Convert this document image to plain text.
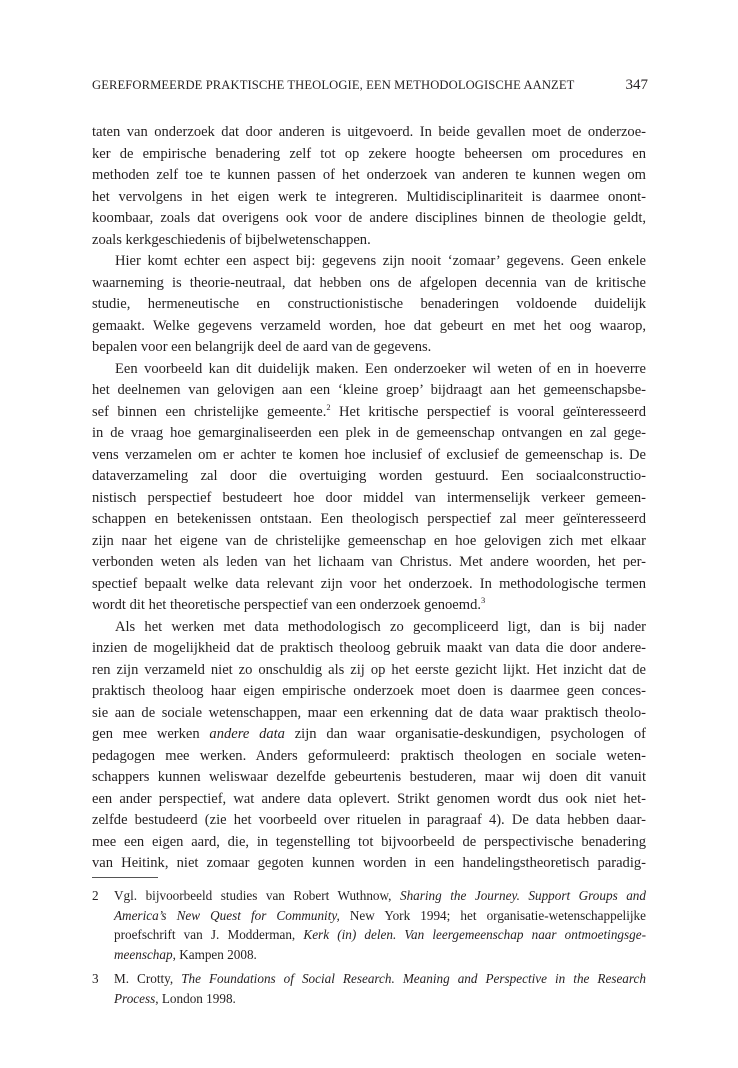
GEREFORMEERDE PRAKTISCHE THEOLOGIE, EEN METHODOLOGISCHE AANZET	347
taten van onderzoek dat door anderen is uitgevoerd. In beide gevallen moet de onderzoe-
ker de empirische benadering zelf tot op zekere hoogte beheersen om procedures en
methoden zelf toe te kunnen passen of het onderzoek van anderen te kunnen wegen om
het vervolgens in het eigen werk te integreren. Multidisciplinariteit is daarmee onont-
koombaar, zoals dat overigens ook voor de andere disciplines binnen de theologie geldt,
zoals kerkgeschiedenis of bijbelwetenschappen.
Hier komt echter een aspect bij: gegevens zijn nooit ‘zomaar’ gegevens. Geen enkele
waarneming is theorie-neutraal, dat hebben ons de afgelopen decennia van de kritische
studie, hermeneutische en constructionistische benaderingen voldoende duidelijk
gemaakt. Welke gegevens verzameld worden, hoe dat gebeurt en met het oog waarop,
bepalen voor een belangrijk deel de aard van de gegevens.
Een voorbeeld kan dit duidelijk maken. Een onderzoeker wil weten of en in hoeverre
het deelnemen van gelovigen aan een ‘kleine groep’ bijdraagt aan het gemeenschapsbe-
sef binnen een christelijke gemeente.$^2$ Het kritische perspectief is vooral geïnteresseerd
in de vraag hoe gemarginaliseerden een plek in de gemeenschap ontvangen en zal gege-
vens verzamelen om er achter te komen hoe inclusief of exclusief de gemeenschap is. De
dataverzameling zal door die overtuiging worden gestuurd. Een sociaalconstructio-
nistisch perspectief bestudeert hoe door middel van intermenselijk verkeer gemeen-
schappen en betekenissen ontstaan. Een theologisch perspectief zal meer geïnteresseerd
zijn naar het eigene van de christelijke gemeenschap en hoe gelovigen zich met elkaar
verbonden weten als leden van het lichaam van Christus. Met andere woorden, het per-
spectief bepaalt welke data relevant zijn voor het onderzoek. In methodologische termen
wordt dit het theoretische perspectief van een onderzoek genoemd.$^3$
Als het werken met data methodologisch zo gecompliceerd ligt, dan is bij nader
inzien de mogelijkheid dat de praktisch theoloog gebruik maakt van data die door andere-
ren zijn verzameld niet zo onschuldig als zij op het eerste gezicht lijkt. Het inzicht dat de
praktisch theoloog haar eigen empirische onderzoek moet doen is daarmee geen conces-
sie aan de sociale wetenschappen, maar een erkenning dat de data waar praktisch theolo-
gen mee werken andere data zijn dan waar organisatie-deskundigen, psychologen of
pedagogen mee werken. Anders geformuleerd: praktisch theologen en sociale weten-
schappers kunnen weliswaar dezelfde gebeurtenis bestuderen, maar wij doen dit vanuit
een ander perspectief, wat andere data oplevert. Strikt genomen wordt dus ook niet het-
zelfde bestudeerd (zie het voorbeeld over rituelen in paragraaf 4). De data hebben daar-
mee een eigen aard, die, in tegenstelling tot bijvoorbeeld de perspectivische benadering
van Heitink, niet zomaar gegoten kunnen worden in een handelingstheoretisch paradig-
2 Vgl. bijvoorbeeld studies van Robert Wuthnow, Sharing the Journey. Support Groups and
America’s New Quest for Community, New York 1994; het organisatie-wetenschappelijke
proefschrift van J. Modderman, Kerk (in) delen. Van leergemeenschap naar ontmoetingsge-
meenschap, Kampen 2008.
3 M. Crotty, The Foundations of Social Research. Meaning and Perspective in the Research
Process, London 1998.
